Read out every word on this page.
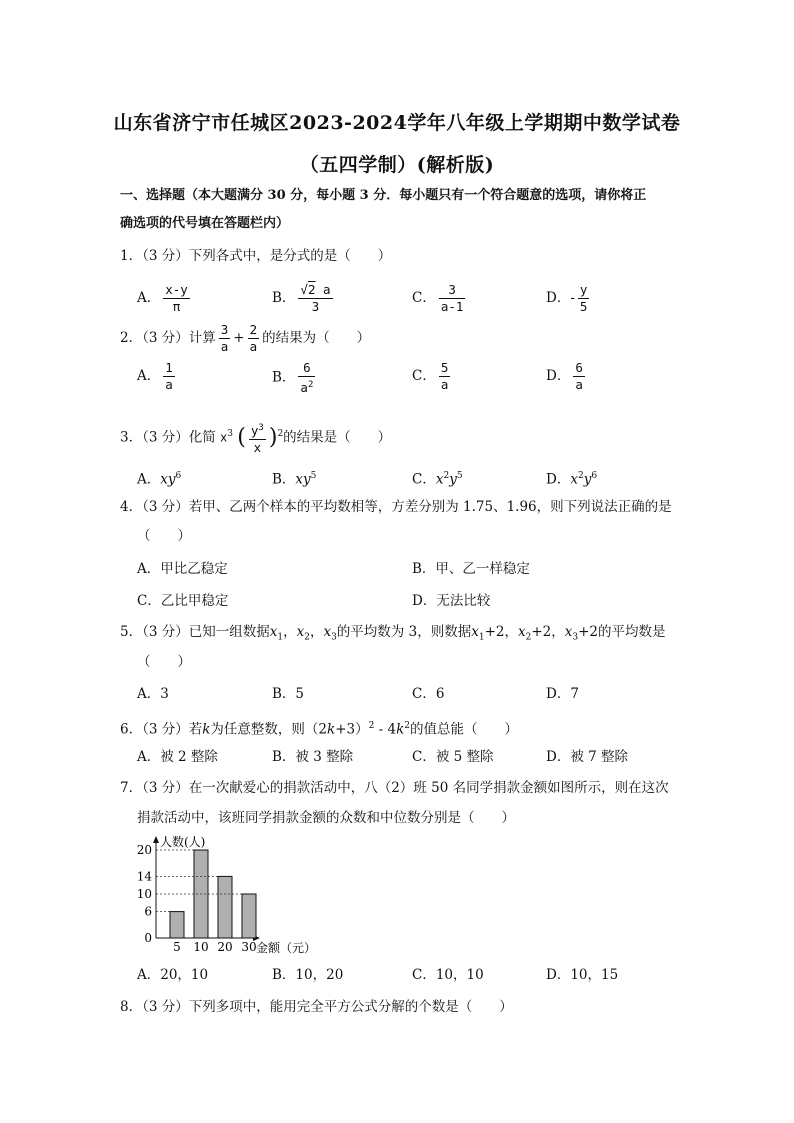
山东省济宁市任城区2023-2024学年八年级上学期期中数学试卷
（五四学制）(解析版)
一、选择题（本大题满分 30 分，每小题 3 分．每小题只有一个符合题意的选项，请你将正
确选项的代号填在答题栏内）
1．（3 分）下列各式中，是分式的是（　　）
A． $\frac{x-y}{\pi}$	B． $\frac{√2 a}{3}$	C． $\frac{3}{a-1}$	D．- $\frac{y}{5}$
2．（3 分）计算 $\frac{3}{a} + \frac{2}{a}$ 的结果为（　　）
A． $\frac{1}{a}$	B． $\frac{6}{a^2}$	C． $\frac{5}{a}$	D． $\frac{6}{a}$
3．（3 分）化简 $x^3$ ( $\frac{y^3}{x} )^2$的结果是（　　）
A．$xy^6$	B．$xy^5$	C．$x^2y^5$	D．$x^2y^6$
4．（3 分）若甲、乙两个样本的平均数相等，方差分别为 1.75、1.96，则下列说法正确的是
（　　）
A．甲比乙稳定	B．甲、乙一样稳定
C．乙比甲稳定	D．无法比较
5．（3 分）已知一组数据$x_1$，$x_2$，$x_3$的平均数为 3，则数据$x_1+2$，$x_2+2$，$x_3+2$的平均数是
（　　）
A．3	B．5	C．6	D．7
6．（3 分）若k为任意整数，则$(2k+3)^2 - 4k^2$的值总能（　　）
A．被 2 整除	B．被 3 整除	C．被 5 整除	D．被 7 整除
7．（3 分）在一次献爱心的捐款活动中，八（2）班 50 名同学捐款金额如图所示，则在这次
捐款活动中，该班同学捐款金额的众数和中位数分别是（　　）
人数(人)
金额（元）
20
14
10
6
0
5 10 20 30
A．20，10	B．10，20	C．10，10	D．10，15
8．（3 分）下列多项中，能用完全平方公式分解的个数是（　　）
